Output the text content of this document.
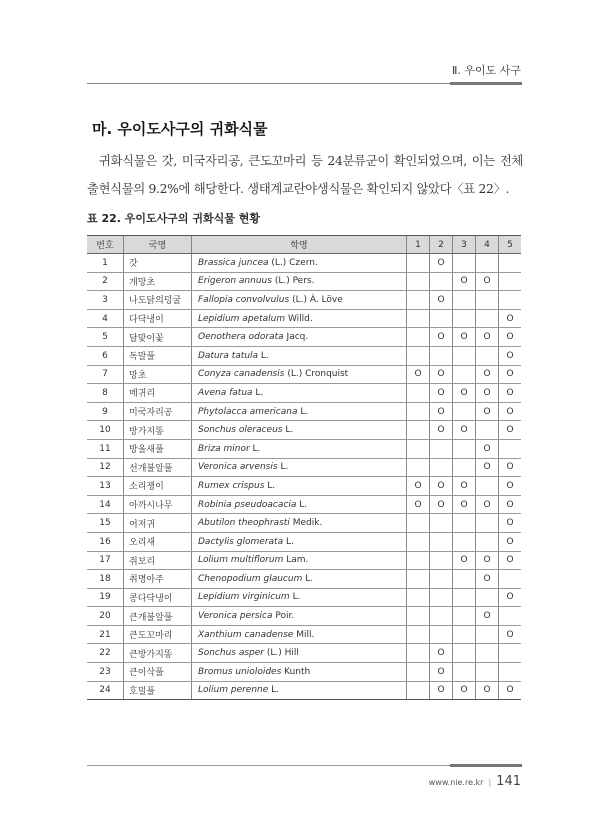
Ⅱ. 우이도 사구
마. 우이도사구의 귀화식물
귀화식물은 갓, 미국자리공, 큰도꼬마리 등 24분류군이 확인되었으며, 이는 전체 출현식물의 9.2%에 해당한다. 생태계교란야생식물은 확인되지 않았다〈표 22〉.
표 22. 우이도사구의 귀화식물 현황
번호	국명	학명	1	2	3	4	5
1	갓	Brassica juncea (L.) Czern.		O			
2	개망초	Erigeron annuus (L.) Pers.			O	O	
3	나도닭의덩굴	Fallopia convolvulus (L.) Á. Löve		O			
4	다닥냉이	Lepidium apetalum Willd.					O
5	달맞이꽃	Oenothera odorata Jacq.		O	O	O	O
6	독말풀	Datura tatula L.					O
7	망초	Conyza canadensis (L.) Cronquist	O	O		O	O
8	메귀리	Avena fatua L.		O	O	O	O
9	미국자리공	Phytolacca americana L.		O		O	O
10	방가지똥	Sonchus oleraceus L.		O	O		O
11	방울새풀	Briza minor L.				O	
12	선개불알풀	Veronica arvensis L.				O	O
13	소리쟁이	Rumex crispus L.	O	O	O		O
14	아까시나무	Robinia pseudoacacia L.	O	O	O	O	O
15	어저귀	Abutilon theophrasti Medik.					O
16	오리새	Dactylis glomerata L.					O
17	쥐보리	Lolium multiflorum Lam.			O	O	O
18	취명아주	Chenopodium glaucum L.				O	
19	콩다닥냉이	Lepidium virginicum L.					O
20	큰개불알풀	Veronica persica Poir.				O	
21	큰도꼬마리	Xanthium canadense Mill.					O
22	큰방가지똥	Sonchus asper (L.) Hill		O			
23	큰이삭풀	Bromus unioloides Kunth		O			
24	호밀풀	Lolium perenne L.		O	O	O	O
www.nie.re.kr | 141
